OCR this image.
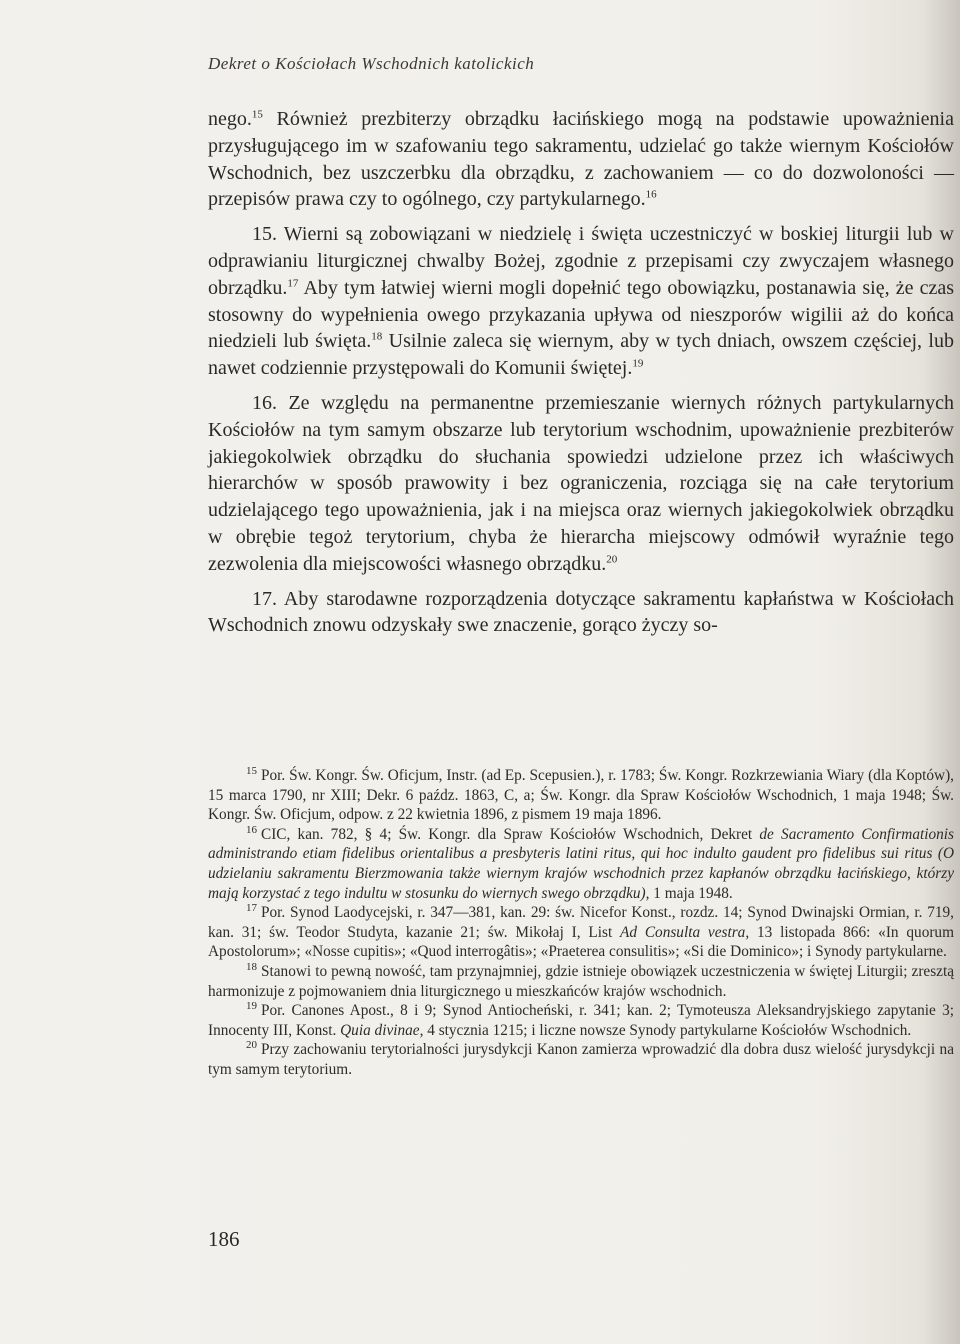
Dekret o Kościołach Wschodnich katolickich

nego.$^{15}$ Również prezbiterzy obrządku łacińskiego mogą na podstawie upoważnienia przysługującego im w szafowaniu tego sakramentu, udzielać go także wiernym Kościołów Wschodnich, bez uszczerbku dla obrządku, z zachowaniem — co do dozwoloności — przepisów prawa czy to ogólnego, czy partykularnego.$^{16}$

15. Wierni są zobowiązani w niedzielę i święta uczestniczyć w boskiej liturgii lub w odprawianiu liturgicznej chwalby Bożej, zgodnie z przepisami czy zwyczajem własnego obrządku.$^{17}$ Aby tym łatwiej wierni mogli dopełnić tego obowiązku, postanawia się, że czas stosowny do wypełnienia owego przykazania upływa od nieszporów wigilii aż do końca niedzieli lub święta.$^{18}$ Usilnie zaleca się wiernym, aby w tych dniach, owszem częściej, lub nawet codziennie przystępowali do Komunii świętej.$^{19}$

16. Ze względu na permanentne przemieszanie wiernych różnych partykularnych Kościołów na tym samym obszarze lub terytorium wschodnim, upoważnienie prezbiterów jakiegokolwiek obrządku do słuchania spowiedzi udzielone przez ich właściwych hierarchów w sposób prawowity i bez ograniczenia, rozciąga się na całe terytorium udzielającego tego upoważnienia, jak i na miejsca oraz wiernych jakiegokolwiek obrządku w obrębie tegoż terytorium, chyba że hierarcha miejscowy odmówił wyraźnie tego zezwolenia dla miejscowości własnego obrządku.$^{20}$

17. Aby starodawne rozporządzenia dotyczące sakramentu kapłaństwa w Kościołach Wschodnich znowu odzyskały swe znaczenie, gorąco życzy so-

$^{15}$ Por. Św. Kongr. Św. Oficjum, Instr. (ad Ep. Scepusien.), r. 1783; Św. Kongr. Rozkrzewiania Wiary (dla Koptów), 15 marca 1790, nr XIII; Dekr. 6 paźdz. 1863, C, a; Św. Kongr. dla Spraw Kościołów Wschodnich, 1 maja 1948; Św. Kongr. Św. Oficjum, odpow. z 22 kwietnia 1896, z pismem 19 maja 1896.

$^{16}$ CIC, kan. 782, § 4; Św. Kongr. dla Spraw Kościołów Wschodnich, Dekret de Sacramento Confirmationis administrando etiam fidelibus orientalibus a presbyteris latini ritus, qui hoc indulto gaudent pro fidelibus sui ritus (O udzielaniu sakramentu Bierzmowania także wiernym krajów wschodnich przez kapłanów obrządku łacińskiego, którzy mają korzystać z tego indultu w stosunku do wiernych swego obrządku), 1 maja 1948.

$^{17}$ Por. Synod Laodycejski, r. 347—381, kan. 29: św. Nicefor Konst., rozdz. 14; Synod Dwinajski Ormian, r. 719, kan. 31; św. Teodor Studyta, kazanie 21; św. Mikołaj I, List Ad Consulta vestra, 13 listopada 866: «In quorum Apostolorum»; «Nosse cupitis»; «Quod interrogâtis»; «Praeterea consulitis»; «Si die Dominico»; i Synody partykularne.

$^{18}$ Stanowi to pewną nowość, tam przynajmniej, gdzie istnieje obowiązek uczestniczenia w świętej Liturgii; zresztą harmonizuje z pojmowaniem dnia liturgicznego u mieszkańców krajów wschodnich.

$^{19}$ Por. Canones Apost., 8 i 9; Synod Antiocheński, r. 341; kan. 2; Tymoteusza Aleksandryjskiego zapytanie 3; Innocenty III, Konst. Quia divinae, 4 stycznia 1215; i liczne nowsze Synody partykularne Kościołów Wschodnich.

$^{20}$ Przy zachowaniu terytorialności jurysdykcji Kanon zamierza wprowadzić dla dobra dusz wielość jurysdykcji na tym samym terytorium.

186
